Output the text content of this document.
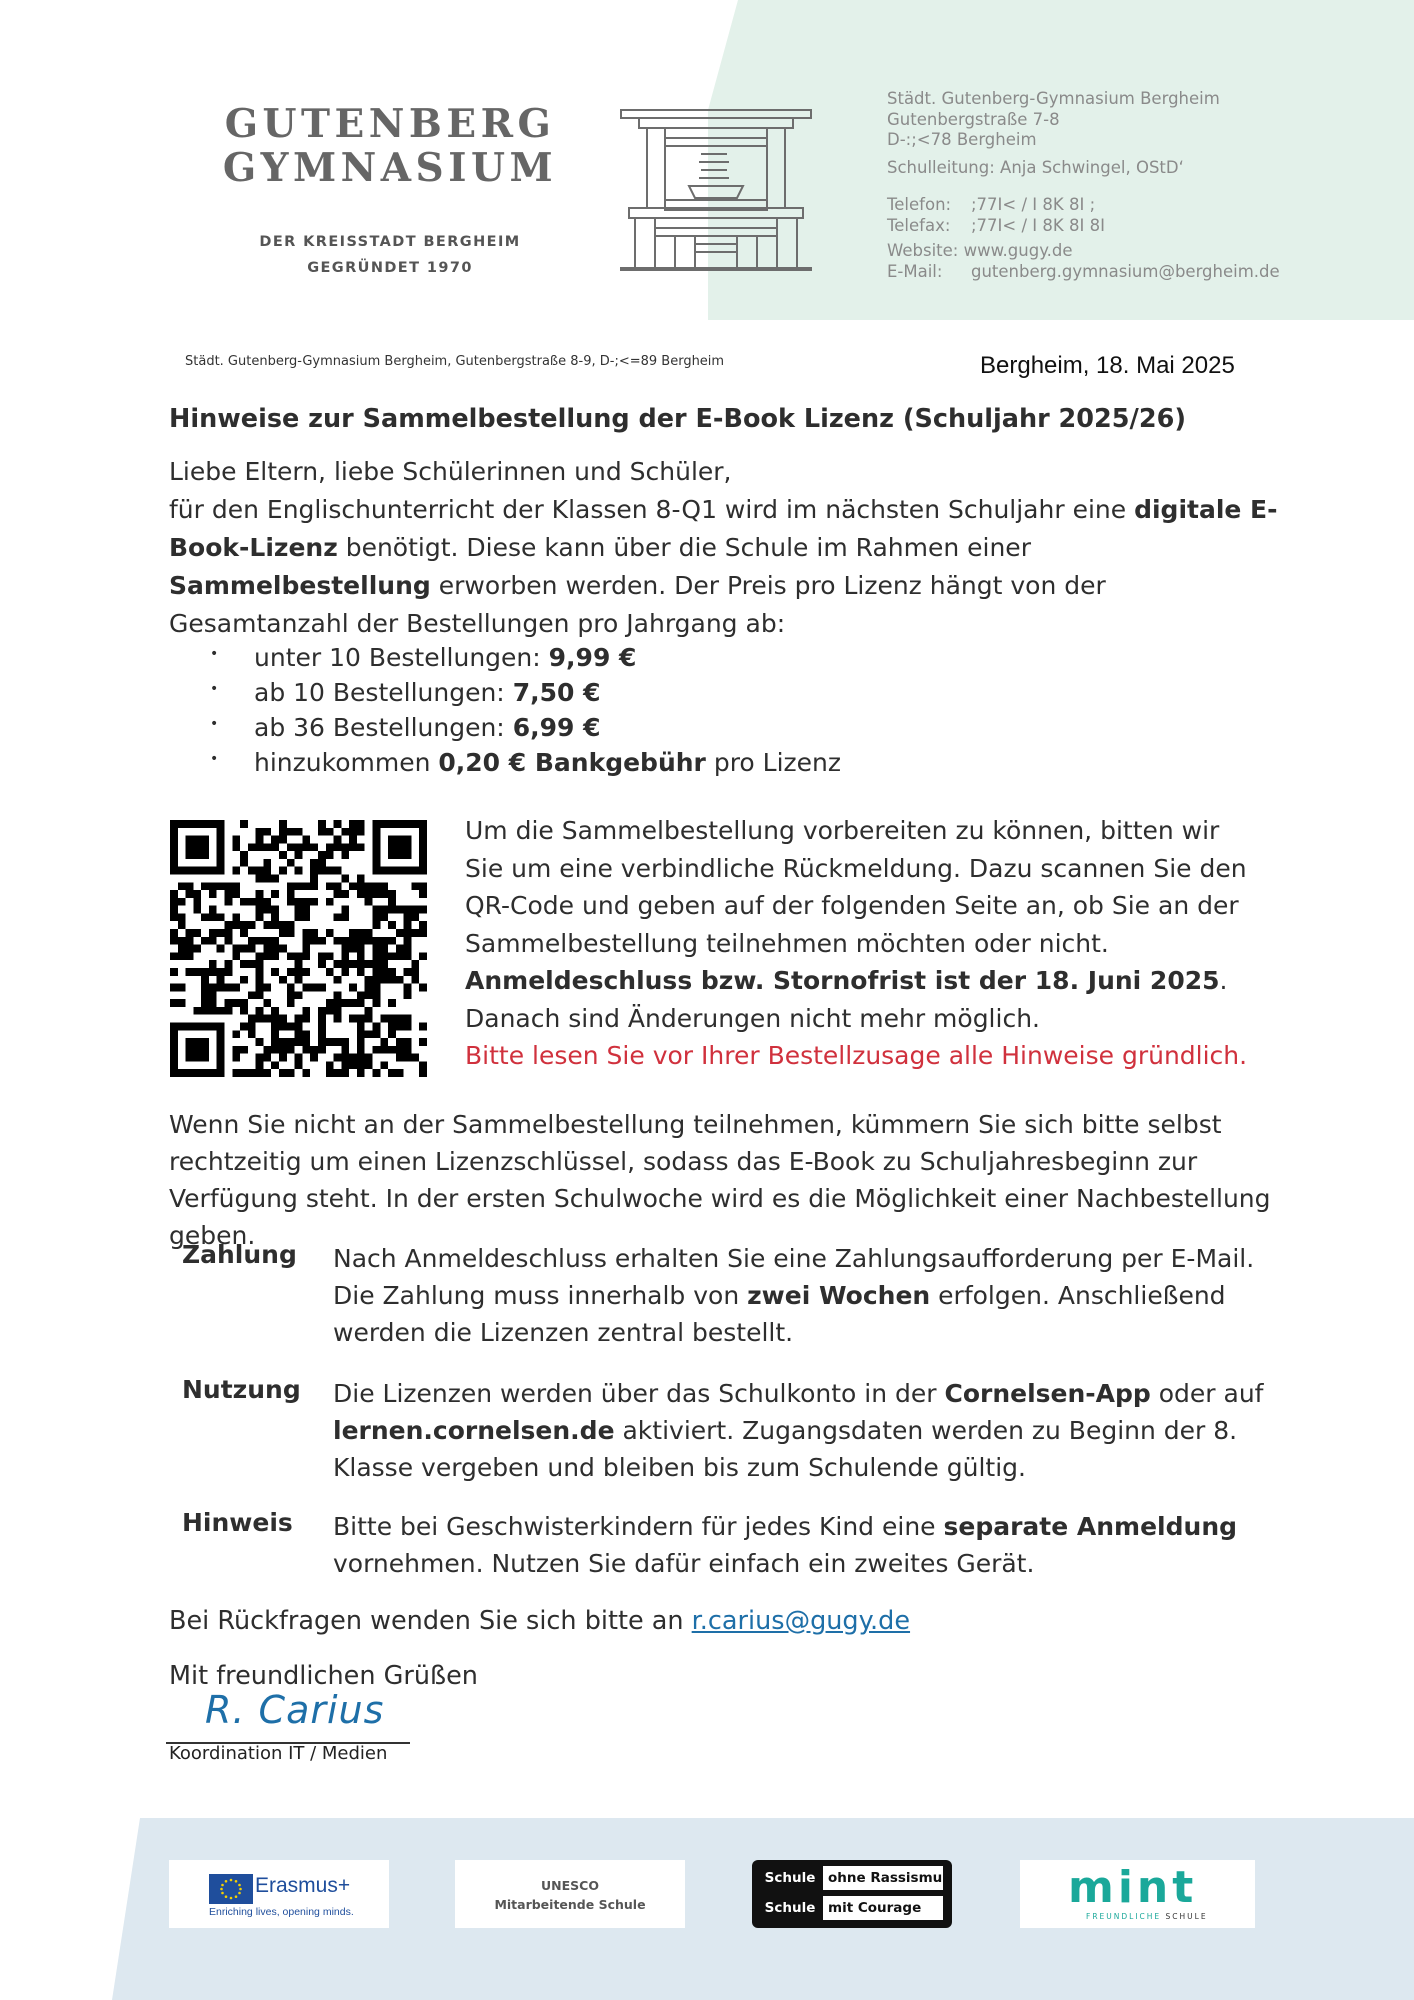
GUTENBERG
GYMNASIUM
DER KREISSTADT BERGHEIM
GEGRÜNDET 1970
Städt. Gutenberg-Gymnasium Bergheim
Gutenbergstraße 7-8
D-:;<78 Bergheim
Schulleitung: Anja Schwingel, OStD‘
Telefon: ;77I< / I 8K 8I ;
Telefax: ;77I< / I 8K 8I 8I
Website: www.gugy.de
E-Mail: gutenberg.gymnasium@bergheim.de
Städt. Gutenberg-Gymnasium Bergheim, Gutenbergstraße 8-9, D-;<=89 Bergheim	Bergheim, 18. Mai 2025
Hinweise zur Sammelbestellung der E-Book Lizenz (Schuljahr 2025/26)

Liebe Eltern, liebe Schülerinnen und Schüler,

für den Englischunterricht der Klassen 8-Q1 wird im nächsten Schuljahr eine digitale E-Book-Lizenz benötigt. Diese kann über die Schule im Rahmen einer Sammelbestellung erworben werden. Der Preis pro Lizenz hängt von der Gesamtanzahl der Bestellungen pro Jahrgang ab:

• unter 10 Bestellungen: 9,99 €
• ab 10 Bestellungen: 7,50 €
• ab 36 Bestellungen: 6,99 €
• hinzukommen 0,20 € Bankgebühr pro Lizenz
Um die Sammelbestellung vorbereiten zu können, bitten wir Sie um eine verbindliche Rückmeldung. Dazu scannen Sie den QR-Code und geben auf der folgenden Seite an, ob Sie an der Sammelbestellung teilnehmen möchten oder nicht.
Anmeldeschluss bzw. Stornofrist ist der 18. Juni 2025. Danach sind Änderungen nicht mehr möglich.
Bitte lesen Sie vor Ihrer Bestellzusage alle Hinweise gründlich.
Wenn Sie nicht an der Sammelbestellung teilnehmen, kümmern Sie sich bitte selbst rechtzeitig um einen Lizenzschlüssel, sodass das E-Book zu Schuljahresbeginn zur Verfügung steht. In der ersten Schulwoche wird es die Möglichkeit einer Nachbestellung geben.
Zahlung Nach Anmeldeschluss erhalten Sie eine Zahlungsaufforderung per E-Mail. Die Zahlung muss innerhalb von zwei Wochen erfolgen. Anschließend werden die Lizenzen zentral bestellt.
Nutzung Die Lizenzen werden über das Schulkonto in der Cornelsen-App oder auf lernen.cornelsen.de aktiviert. Zugangsdaten werden zu Beginn der 8. Klasse vergeben und bleiben bis zum Schulende gültig.
Hinweis Bitte bei Geschwisterkindern für jedes Kind eine separate Anmeldung vornehmen. Nutzen Sie dafür einfach ein zweites Gerät.
Bei Rückfragen wenden Sie sich bitte an r.carius@gugy.de
Mit freundlichen Grüßen
R. Carius
Koordination IT / Medien
Erasmus+
Enriching lives, opening minds.
UNESCO
Mitarbeitende Schule
Schule ohne Rassismus
Schule mit Courage	mint
FREUNDLICHE SCHULE
